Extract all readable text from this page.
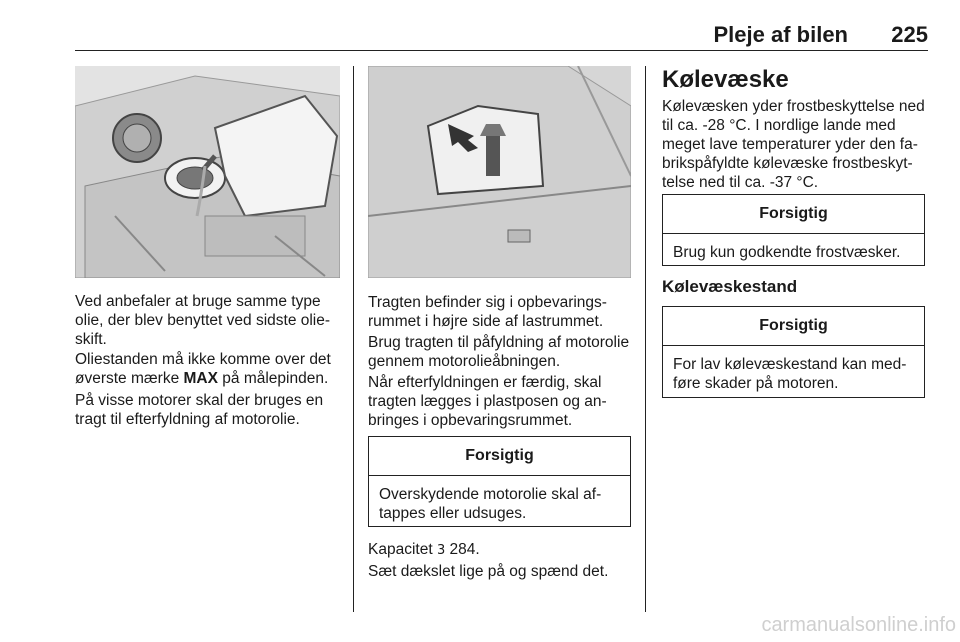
Pleje af bilen	225

Ved anbefaler at bruge samme type olie, der blev benyttet ved sidste olieskift.

Oliestanden må ikke komme over det øverste mærke MAX på målepinden.

På visse motorer skal der bruges en tragt til efterfyldning af motorolie.

Tragten befinder sig i opbevaringsrummet i højre side af lastrummet.

Brug tragten til påfyldning af motorolie gennem motorolieåbningen.

Når efterfyldningen er færdig, skal tragten lægges i plastposen og anbringes i opbevaringsrummet.

Forsigtig
Overskydende motorolie skal aftappes eller udsuges.

Kapacitet 3 284.

Sæt dækslet lige på og spænd det.

Kølevæske

Kølevæsken yder frostbeskyttelse ned til ca. -28 °C. I nordlige lande med meget lave temperaturer yder den fabrikspåfyldte kølevæske frostbeskyttelse ned til ca. -37 °C.

Forsigtig
Brug kun godkendte frostvæsker.
Kølevæskestand
Forsigtig
For lav kølevæskestand kan medføre skader på motoren.
carmanualsonline.info
